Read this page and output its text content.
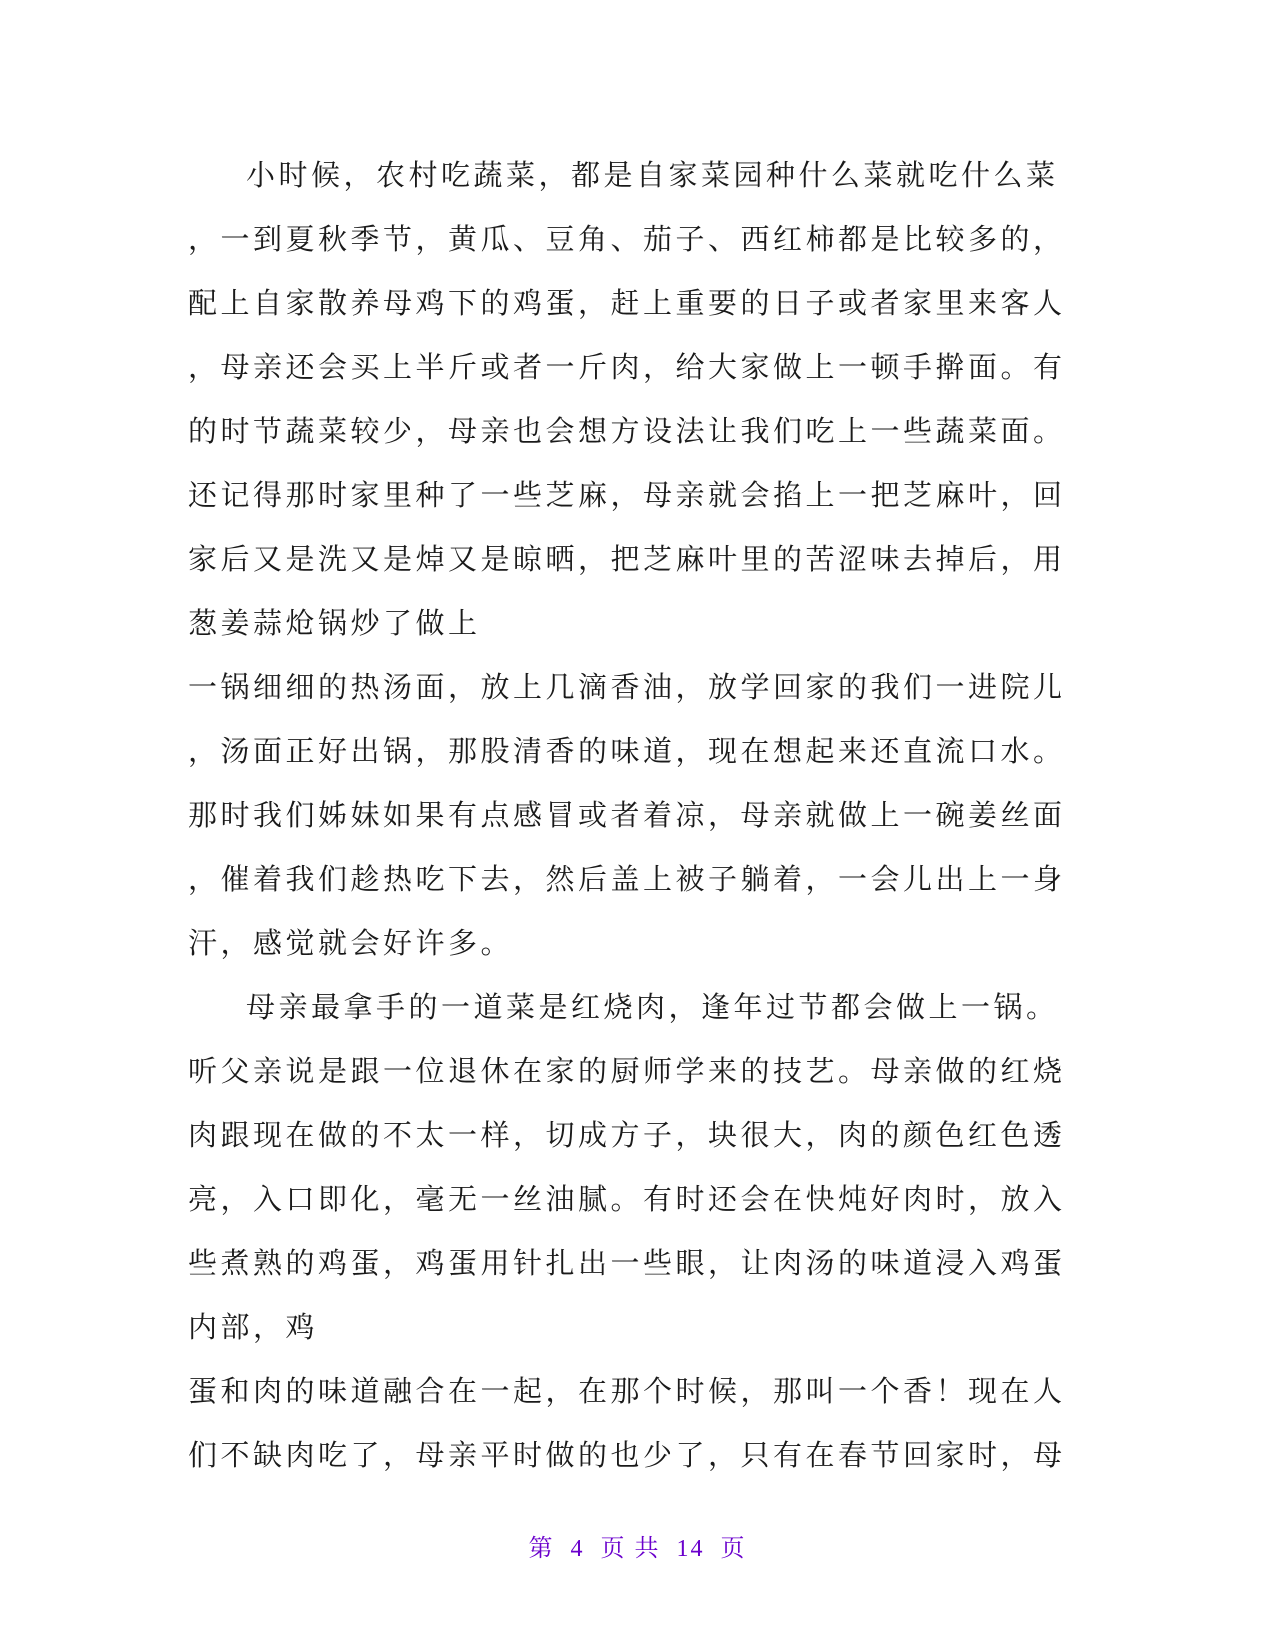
小时候，农村吃蔬菜，都是自家菜园种什么菜就吃什么菜
，一到夏秋季节，黄瓜、豆角、茄子、西红柿都是比较多的，
配上自家散养母鸡下的鸡蛋，赶上重要的日子或者家里来客人
，母亲还会买上半斤或者一斤肉，给大家做上一顿手擀面。有
的时节蔬菜较少，母亲也会想方设法让我们吃上一些蔬菜面。
还记得那时家里种了一些芝麻，母亲就会掐上一把芝麻叶，回
家后又是洗又是焯又是晾晒，把芝麻叶里的苦涩味去掉后，用
葱姜蒜炝锅炒了做上
一锅细细的热汤面，放上几滴香油，放学回家的我们一进院儿
，汤面正好出锅，那股清香的味道，现在想起来还直流口水。
那时我们姊妹如果有点感冒或者着凉，母亲就做上一碗姜丝面
，催着我们趁热吃下去，然后盖上被子躺着，一会儿出上一身
汗，感觉就会好许多。
母亲最拿手的一道菜是红烧肉，逢年过节都会做上一锅。
听父亲说是跟一位退休在家的厨师学来的技艺。母亲做的红烧
肉跟现在做的不太一样，切成方子，块很大，肉的颜色红色透
亮，入口即化，毫无一丝油腻。有时还会在快炖好肉时，放入
些煮熟的鸡蛋，鸡蛋用针扎出一些眼，让肉汤的味道浸入鸡蛋
内部，鸡
蛋和肉的味道融合在一起，在那个时候，那叫一个香！现在人
们不缺肉吃了，母亲平时做的也少了，只有在春节回家时，母
第 4 页 共 14 页
